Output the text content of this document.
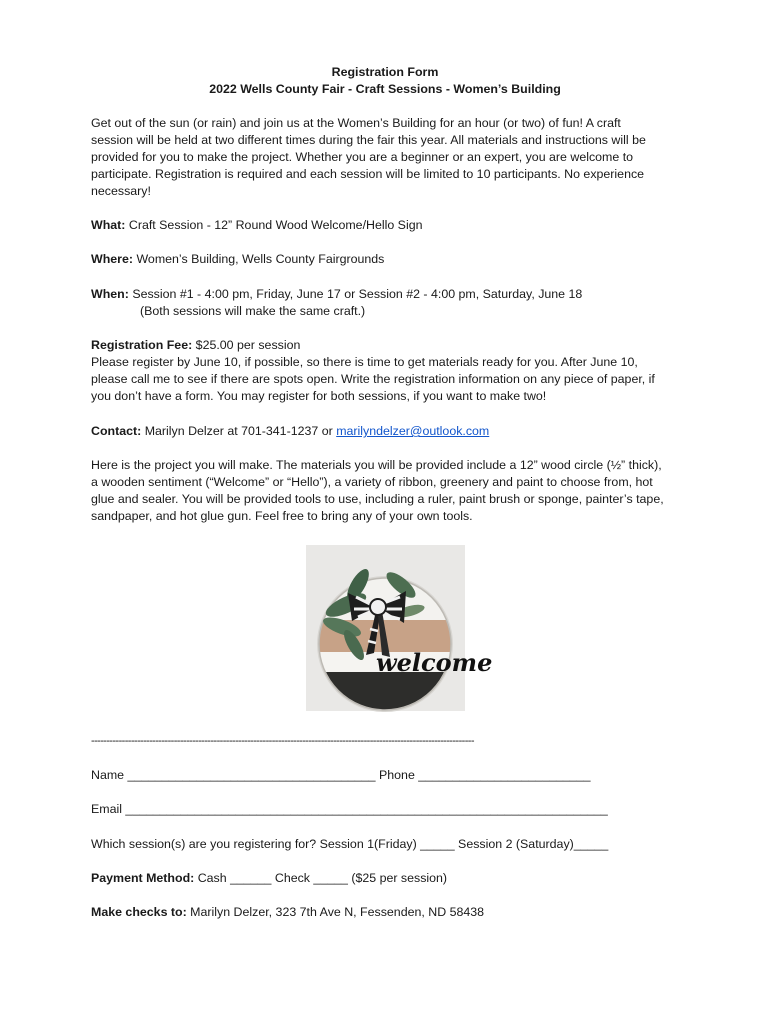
Registration Form
2022 Wells County Fair - Craft Sessions - Women’s Building
Get out of the sun (or rain) and join us at the Women’s Building for an hour (or two) of fun! A craft
session will be held at two different times during the fair this year. All materials and instructions will be
provided for you to make the project. Whether you are a beginner or an expert, you are welcome to
participate. Registration is required and each session will be limited to 10 participants. No experience
necessary!
What: Craft Session - 12” Round Wood Welcome/Hello Sign
Where: Women’s Building, Wells County Fairgrounds
When: Session #1 - 4:00 pm, Friday, June 17 or Session #2 - 4:00 pm, Saturday, June 18
(Both sessions will make the same craft.)
Registration Fee: $25.00 per session
Please register by June 10, if possible, so there is time to get materials ready for you. After June 10,
please call me to see if there are spots open. Write the registration information on any piece of paper, if
you don’t have a form. You may register for both sessions, if you want to make two!
Contact: Marilyn Delzer at 701-341-1237 or marilyndelzer@outlook.com
Here is the project you will make. The materials you will be provided include a 12” wood circle (½” thick),
a wooden sentiment (“Welcome” or “Hello”), a variety of ribbon, greenery and paint to choose from, hot
glue and sealer. You will be provided tools to use, including a ruler, paint brush or sponge, painter’s tape,
sandpaper, and hot glue gun. Feel free to bring any of your own tools.
welcome
-----------------------------------------------------------------------------------------------------------------------------
Name ____________________________________ Phone _________________________
Email ______________________________________________________________________
Which session(s) are you registering for? Session 1(Friday) _____ Session 2 (Saturday)_____
Payment Method: Cash ______ Check _____ ($25 per session)
Make checks to: Marilyn Delzer, 323 7th Ave N, Fessenden, ND 58438
